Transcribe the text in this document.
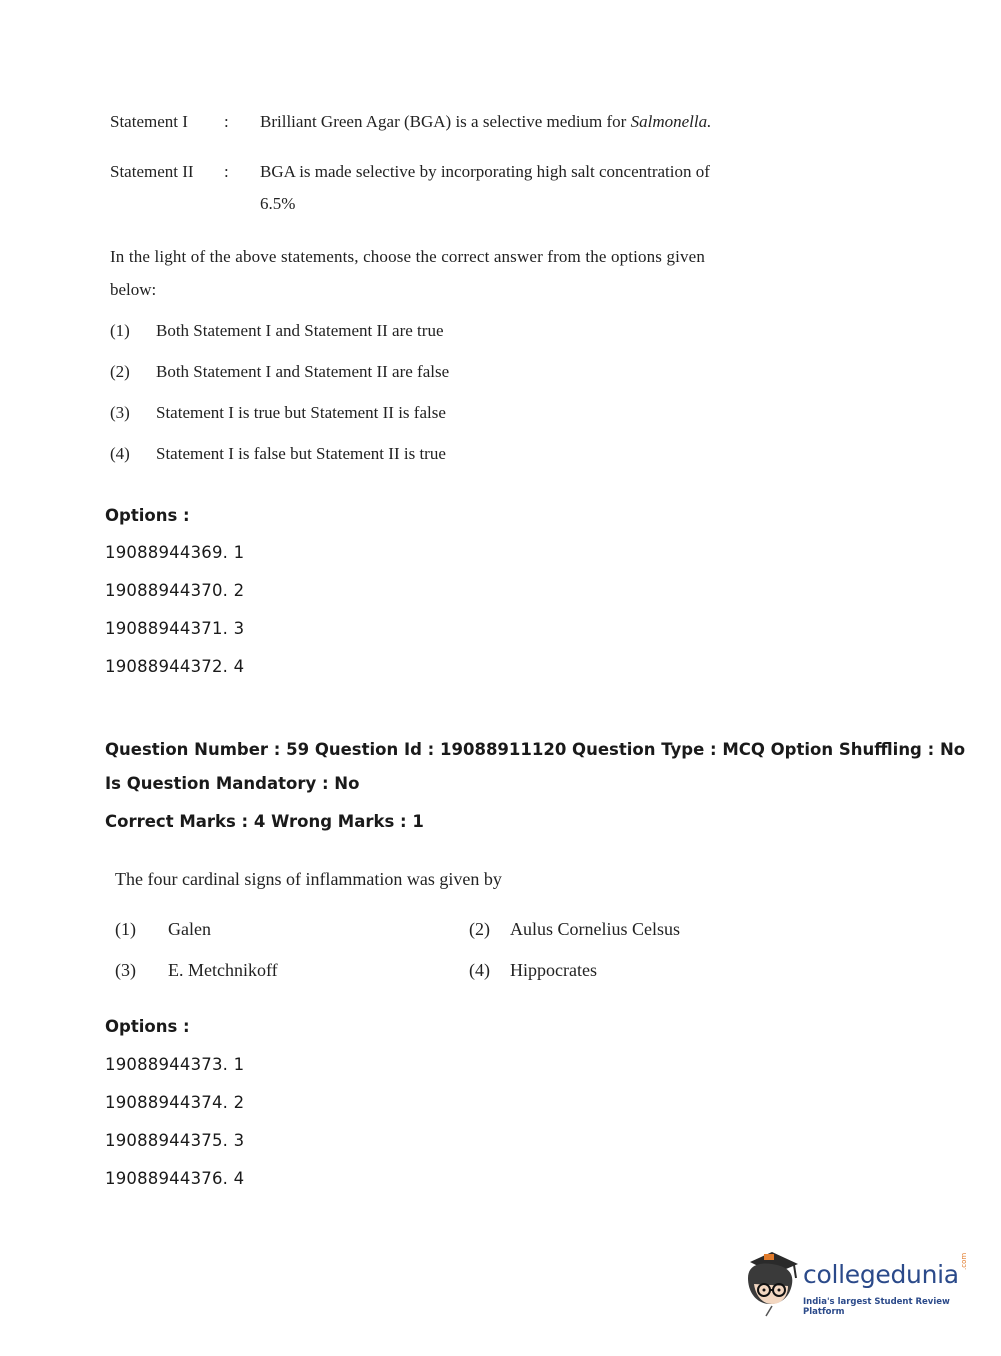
Statement I : Brilliant Green Agar (BGA) is a selective medium for Salmonella.
Statement II : BGA is made selective by incorporating high salt concentration of
6.5%
In the light of the above statements, choose the correct answer from the options given
below:
(1) Both Statement I and Statement II are true
(2) Both Statement I and Statement II are false
(3) Statement I is true but Statement II is false
(4) Statement I is false but Statement II is true
Options :
19088944369. 1
19088944370. 2
19088944371. 3
19088944372. 4
Question Number : 59 Question Id : 19088911120 Question Type : MCQ Option Shuffling : No
Is Question Mandatory : No
Correct Marks : 4 Wrong Marks : 1
The four cardinal signs of inflammation was given by
(1) Galen	(2) Aulus Cornelius Celsus
(3) E. Metchnikoff	(4) Hippocrates
Options :
19088944373. 1
19088944374. 2
19088944375. 3
19088944376. 4
collegedunia .com
India's largest Student Review Platform
